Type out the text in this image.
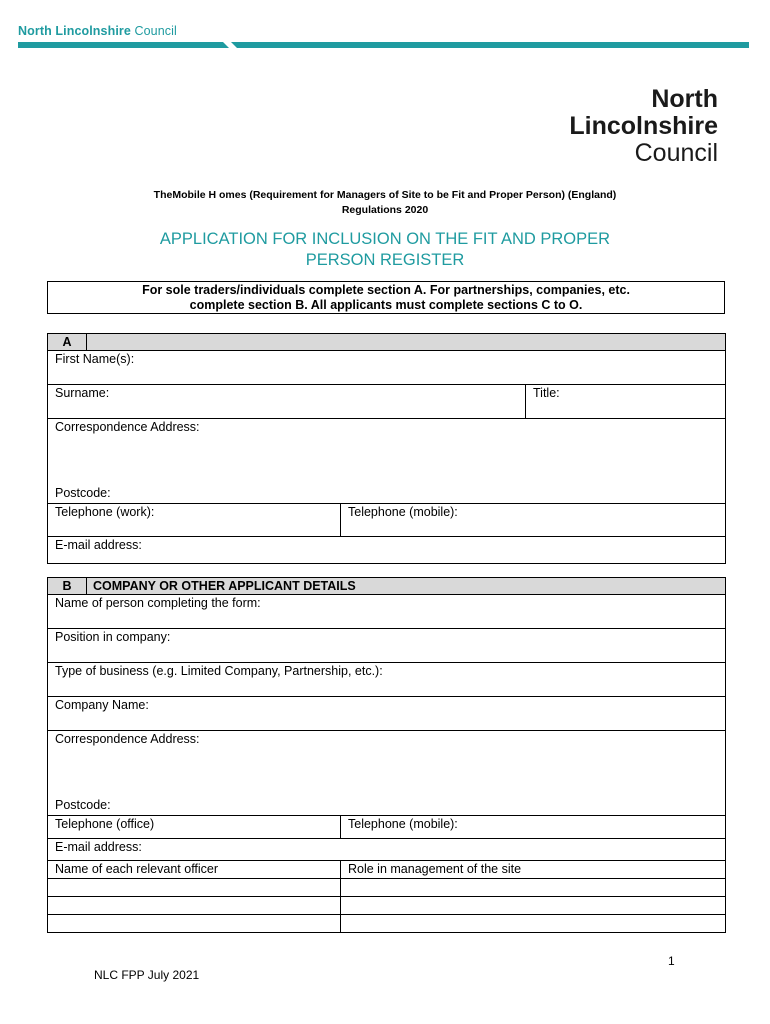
North Lincolnshire Council
North
Lincolnshire
Council
TheMobile H omes (Requirement for Managers of Site to be Fit and Proper Person) (England)
Regulations 2020
APPLICATION FOR INCLUSION ON THE FIT AND PROPER
PERSON REGISTER
For sole traders/individuals complete section A. For partnerships, companies, etc.
complete section B. All applicants must complete sections C to O.
A
First Name(s):
Surname:	Title:
Correspondence Address:
Postcode:
Telephone (work):	Telephone (mobile):
E-mail address:
B	COMPANY OR OTHER APPLICANT DETAILS
Name of person completing the form:
Position in company:
Type of business (e.g. Limited Company, Partnership, etc.):
Company Name:
Correspondence Address:
Postcode:
Telephone (office)	Telephone (mobile):
E-mail address:
Name of each relevant officer	Role in management of the site
1
NLC FPP July 2021
